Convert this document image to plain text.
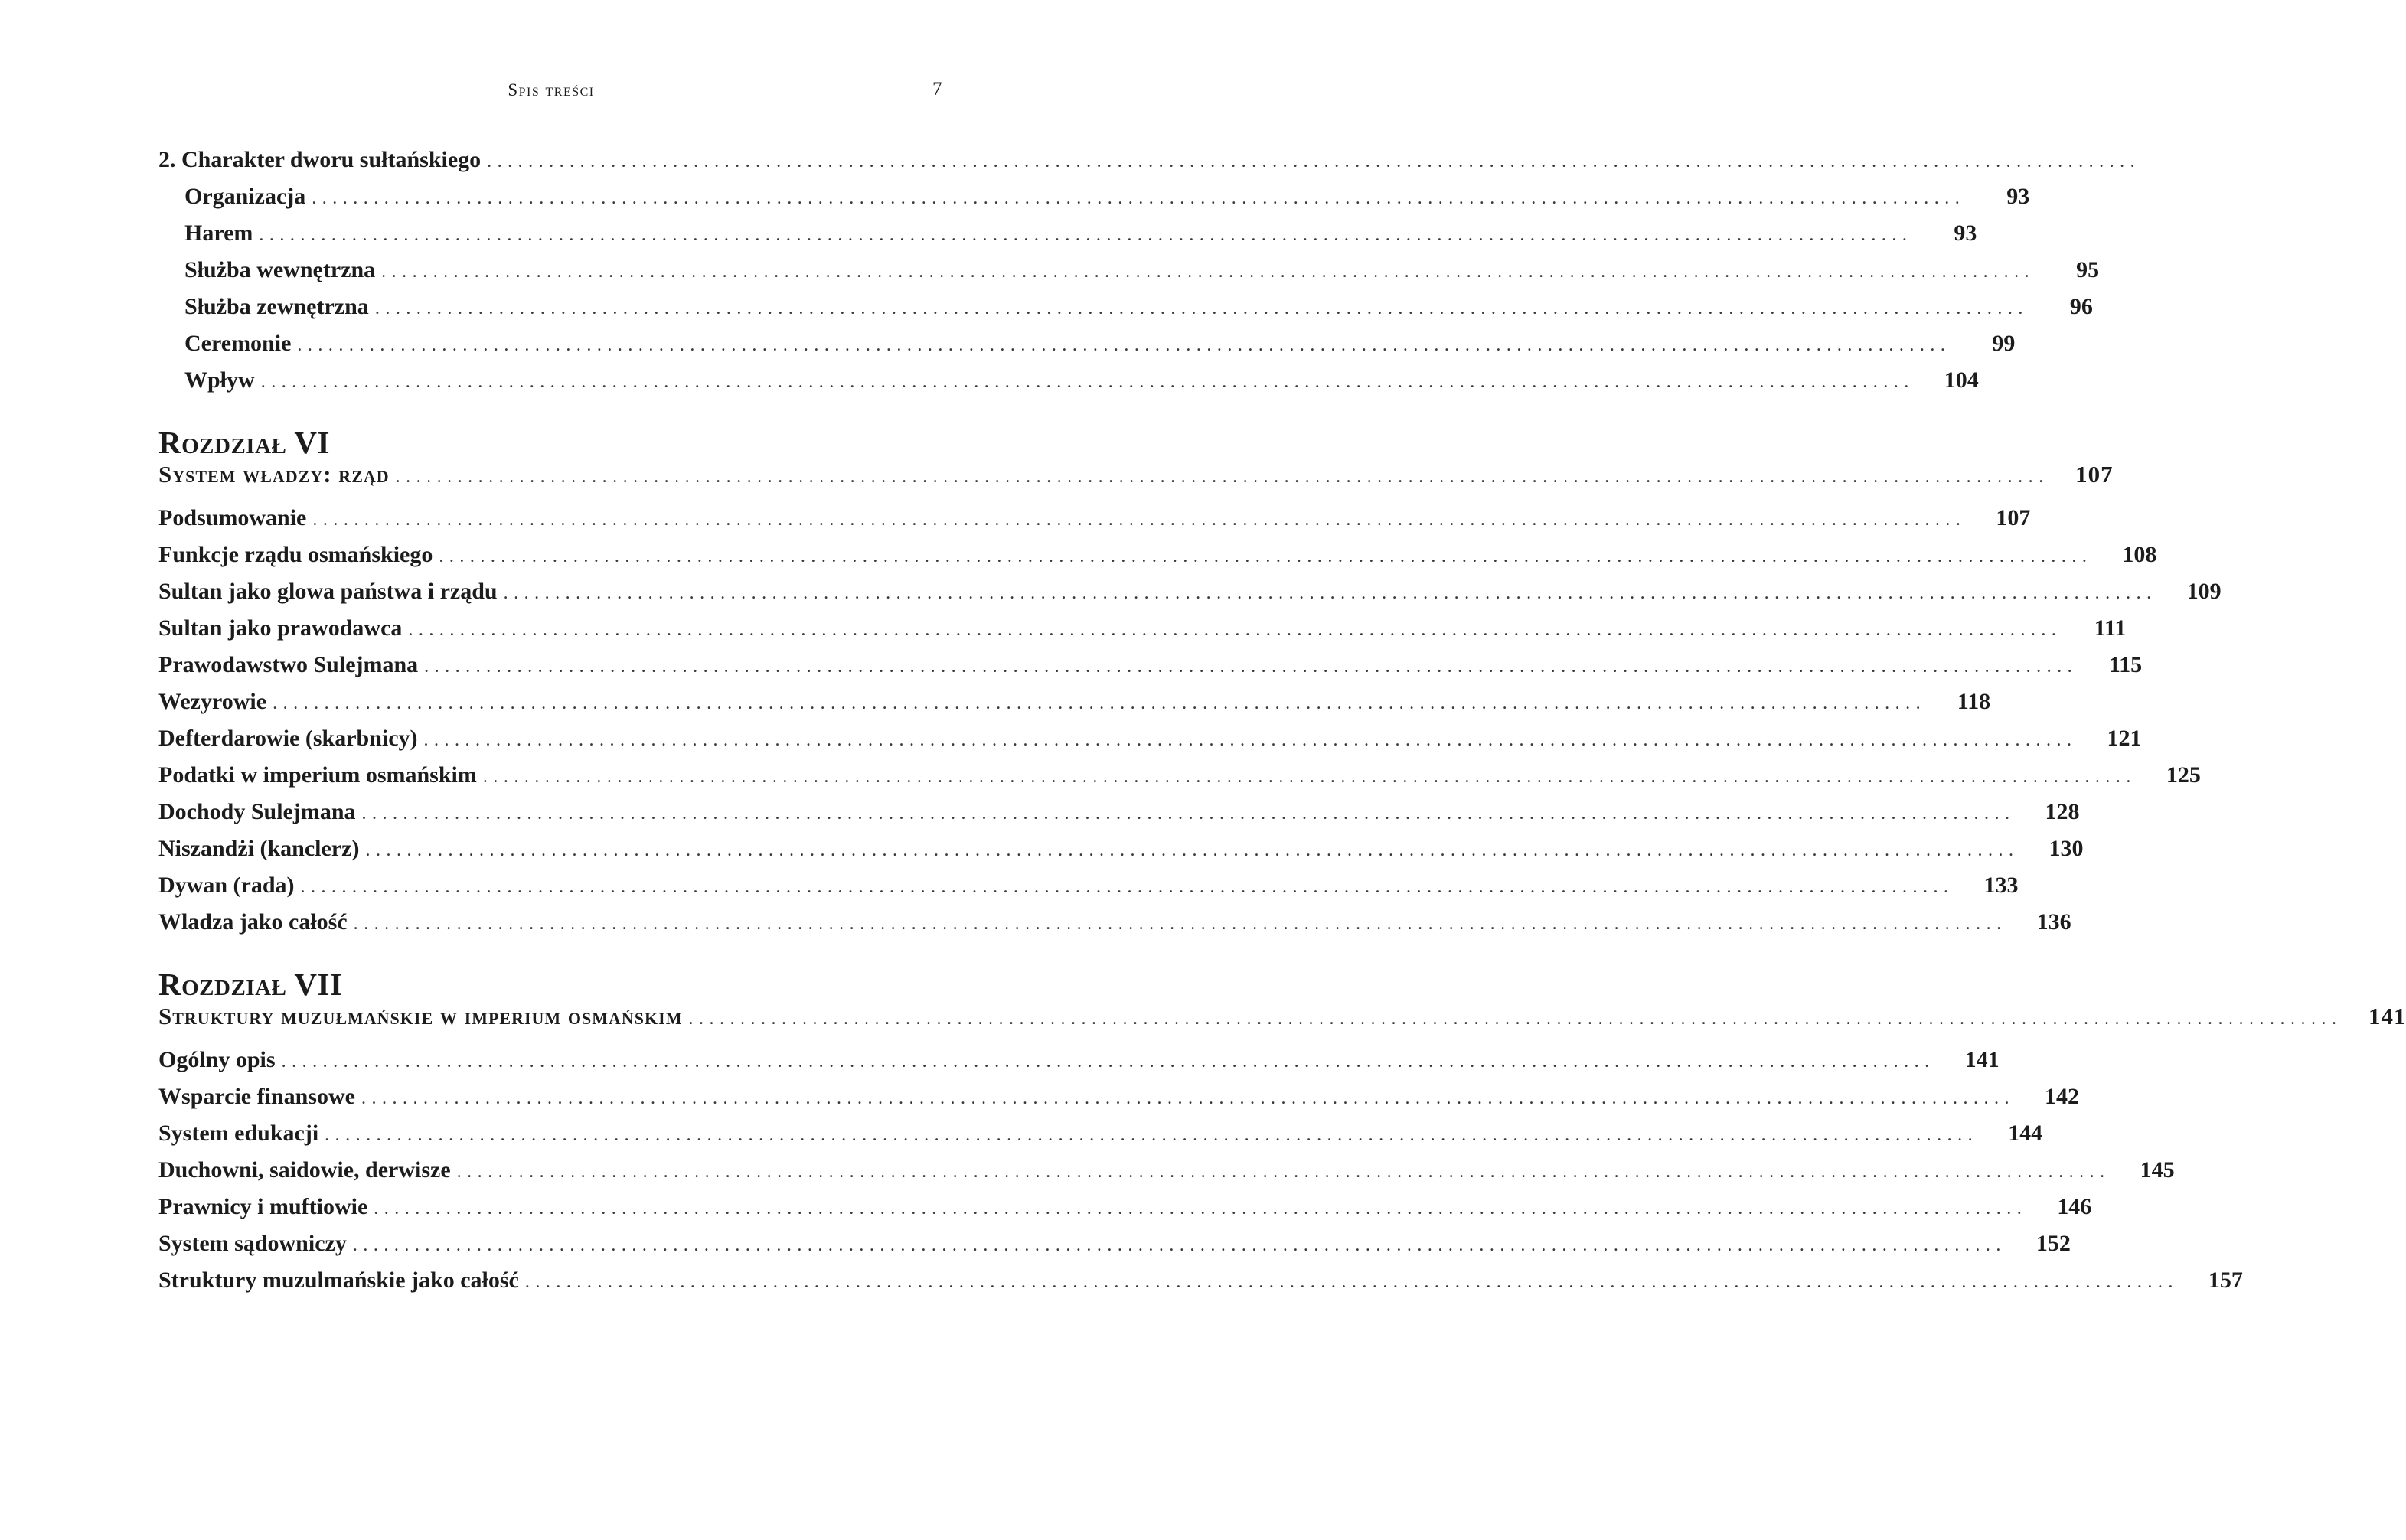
Spis treści	7
2. Charakter dworu sułtańskiego ................................................................................................................................................................
Organizacja ................................................................................................................................................................	93
Harem ................................................................................................................................................................	93
Służba wewnętrzna ................................................................................................................................................................	95
Służba zewnętrzna ................................................................................................................................................................	96
Ceremonie ................................................................................................................................................................	99
Wpływ ................................................................................................................................................................	104
Rozdział VI
System władzy: rząd ................................................................................................................................................................	107
Podsumowanie ................................................................................................................................................................	107
Funkcje rządu osmańskiego ................................................................................................................................................................	108
Sultan jako glowa państwa i rządu ................................................................................................................................................................	109
Sultan jako prawodawca ................................................................................................................................................................	111
Prawodawstwo Sulejmana ................................................................................................................................................................	115
Wezyrowie ................................................................................................................................................................	118
Defterdarowie (skarbnicy) ................................................................................................................................................................	121
Podatki w imperium osmańskim ................................................................................................................................................................	125
Dochody Sulejmana ................................................................................................................................................................	128
Niszandżi (kanclerz) ................................................................................................................................................................	130
Dywan (rada) ................................................................................................................................................................	133
Wladza jako całość ................................................................................................................................................................	136
Rozdział VII
Struktury muzułmańskie w imperium osmańskim ................................................................................................................................................................	141
Ogólny opis ................................................................................................................................................................	141
Wsparcie finansowe ................................................................................................................................................................	142
System edukacji ................................................................................................................................................................	144
Duchowni, saidowie, derwisze ................................................................................................................................................................	145
Prawnicy i muftiowie ................................................................................................................................................................	146
System sądowniczy ................................................................................................................................................................	152
Struktury muzulmańskie jako całość ................................................................................................................................................................	157
